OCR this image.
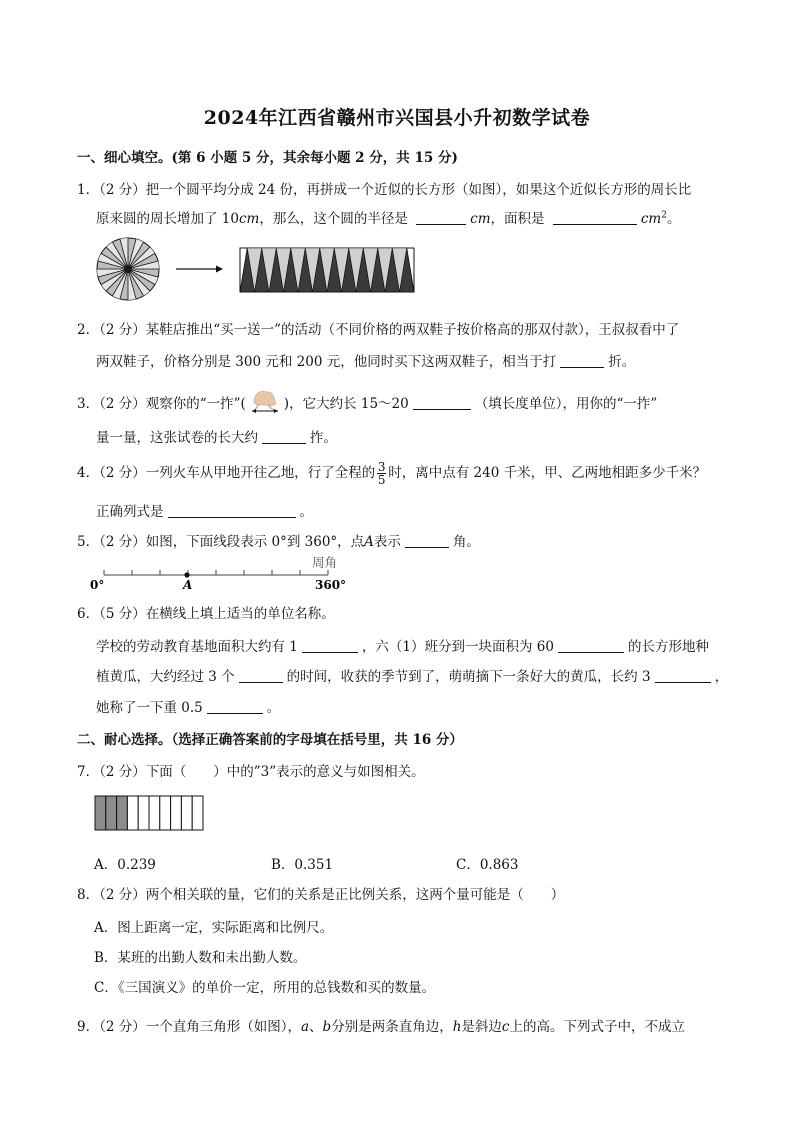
2024年江西省赣州市兴国县小升初数学试卷
一、细心填空。(第 6 小题 5 分，其余每小题 2 分，共 15 分)
1．（2 分）把一个圆平均分成 24 份，再拼成一个近似的长方形（如图），如果这个近似长方形的周长比
原来圆的周长增加了 10cm，那么，这个圆的半径是	cm，面积是	$cm^2$。
2．（2 分）某鞋店推出“买一送一”的活动（不同价格的两双鞋子按价格高的那双付款），王叔叔看中了
两双鞋子，价格分别是 300 元和 200 元，他同时买下这两双鞋子，相当于打	折。
3．（2 分）观察你的“一拃”(	)，它大约长 15～20	（填长度单位），用你的“一拃”
量一量，这张试卷的长大约	拃。
4．（2 分）一列火车从甲地开往乙地，行了全程的 $\frac{3}{5}$ 时，离中点有 240 千米，甲、乙两地相距多少千米？
正确列式是	。
5．（2 分）如图，下面线段表示 0°到 360°，点A表示	角。
周角
0°	A	360°
6．（5 分）在横线上填上适当的单位名称。
学校的劳动教育基地面积大约有 1	，六（1）班分到一块面积为 60	的长方形地种
植黄瓜，大约经过 3 个	的时间，收获的季节到了，萌萌摘下一条好大的黄瓜，长约 3	，
她称了一下重 0.5	。
二、耐心选择。（选择正确答案前的字母填在括号里，共 16 分）
7．（2 分）下面（　　）中的”3”表示的意义与如图相关。
A．0.239	B．0.351	C．0.863
8．（2 分）两个相关联的量，它们的关系是正比例关系，这两个量可能是（　　）
A．图上距离一定，实际距离和比例尺。
B．某班的出勤人数和未出勤人数。
C．《三国演义》的单价一定，所用的总钱数和买的数量。
9．（2 分）一个直角三角形（如图），a、b分别是两条直角边，h是斜边c上的高。下列式子中，不成立
